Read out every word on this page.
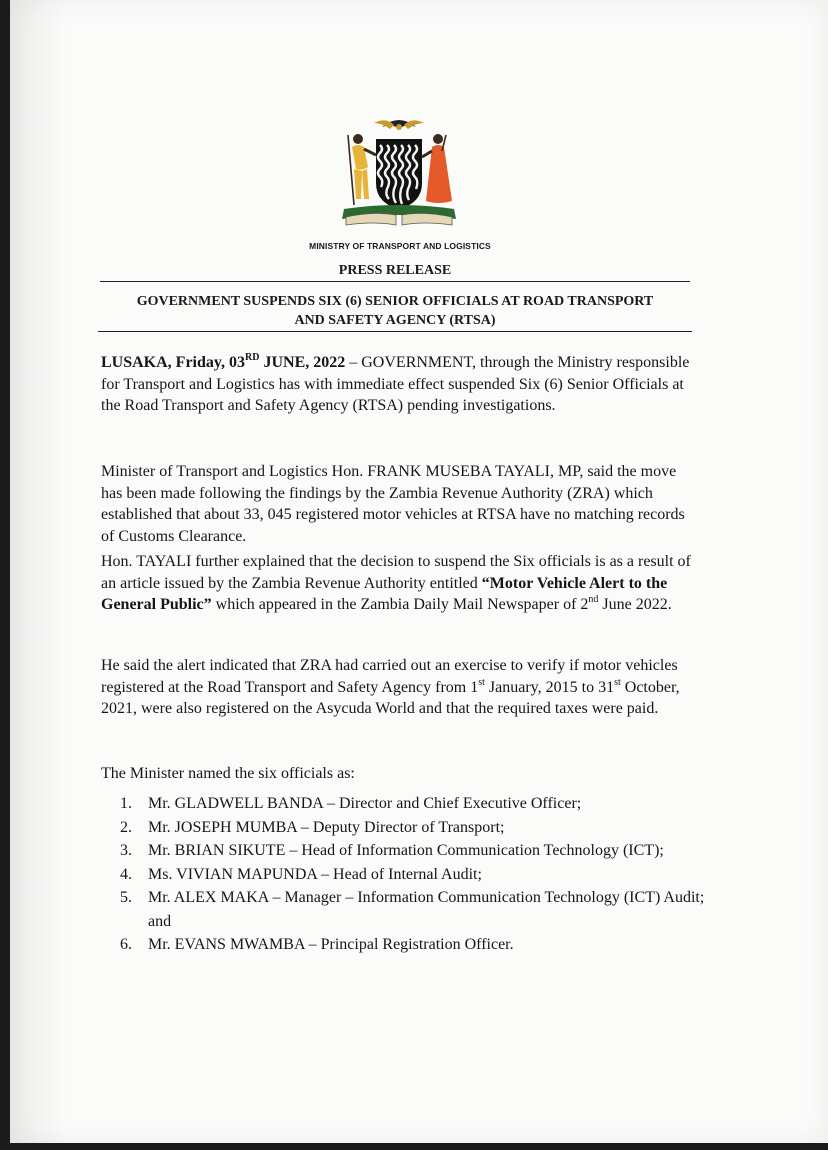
MINISTRY OF TRANSPORT AND LOGISTICS
PRESS RELEASE
GOVERNMENT SUSPENDS SIX (6) SENIOR OFFICIALS AT ROAD TRANSPORT
AND SAFETY AGENCY (RTSA)
LUSAKA, Friday, 03RD JUNE, 2022 – GOVERNMENT, through the Ministry responsible for Transport and Logistics has with immediate effect suspended Six (6) Senior Officials at the Road Transport and Safety Agency (RTSA) pending investigations.
Minister of Transport and Logistics Hon. FRANK MUSEBA TAYALI, MP, said the move has been made following the findings by the Zambia Revenue Authority (ZRA) which established that about 33, 045 registered motor vehicles at RTSA have no matching records of Customs Clearance.
Hon. TAYALI further explained that the decision to suspend the Six officials is as a result of an article issued by the Zambia Revenue Authority entitled “Motor Vehicle Alert to the General Public” which appeared in the Zambia Daily Mail Newspaper of 2nd June 2022.
He said the alert indicated that ZRA had carried out an exercise to verify if motor vehicles registered at the Road Transport and Safety Agency from 1st January, 2015 to 31st October, 2021, were also registered on the Asycuda World and that the required taxes were paid.
The Minister named the six officials as:
1.	Mr. GLADWELL BANDA – Director and Chief Executive Officer;
2.	Mr. JOSEPH MUMBA – Deputy Director of Transport;
3.	Mr. BRIAN SIKUTE – Head of Information Communication Technology (ICT);
4.	Ms. VIVIAN MAPUNDA – Head of Internal Audit;
5.	Mr. ALEX MAKA – Manager – Information Communication Technology (ICT) Audit; and
6.	Mr. EVANS MWAMBA – Principal Registration Officer.
